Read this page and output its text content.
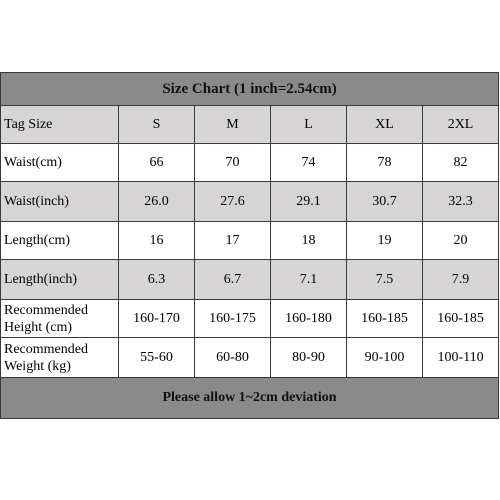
Size Chart (1 inch=2.54cm)					

Tag Size	S	M	L	XL	2XL

Waist(cm)	66	70	74	78	82

Waist(inch)	26.0	27.6	29.1	30.7	32.3

Length(cm)	16	17	18	19	20

Length(inch)	6.3	6.7	7.1	7.5	7.9

Recommended
Height (cm)	160-170	160-175	160-180	160-185	160-185

Recommended
Weight (kg)	55-60	60-80	80-90	90-100	100-110
Please allow 1~2cm deviation					
